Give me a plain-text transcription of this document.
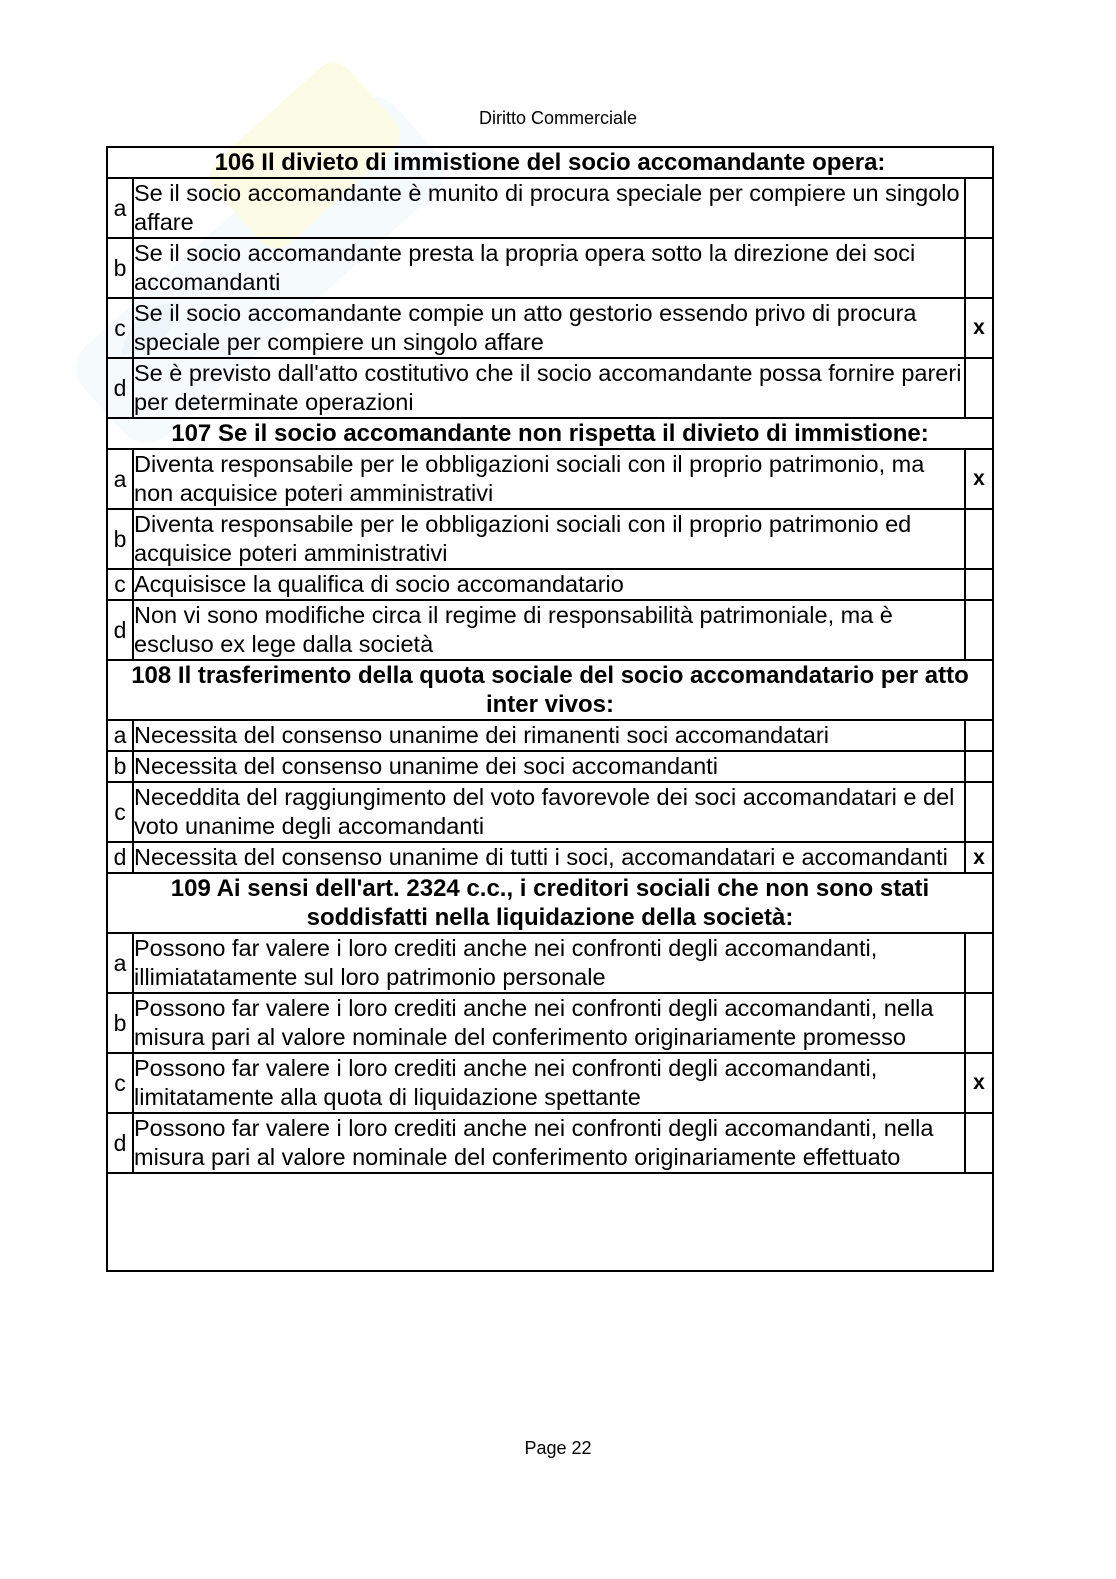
Diritto Commerciale
106 Il divieto di immistione del socio accomandante opera:		
a	Se il socio accomandante è munito di procura speciale per compiere un singolo affare	
b	Se il socio accomandante presta la propria opera sotto la direzione dei soci accomandanti	
c	Se il socio accomandante compie un atto gestorio essendo privo di procura speciale per compiere un singolo affare	x
d	Se è previsto dall'atto costitutivo che il socio accomandante possa fornire pareri per determinate operazioni	
107 Se il socio accomandante non rispetta il divieto di immistione:		
a	Diventa responsabile per le obbligazioni sociali con il proprio patrimonio, ma non acquisice poteri amministrativi	x
b	Diventa responsabile per le obbligazioni sociali con il proprio patrimonio ed acquisice poteri amministrativi	
c	Acquisisce la qualifica di socio accomandatario	
d	Non vi sono modifiche circa il regime di responsabilità patrimoniale, ma è escluso ex lege dalla società	
108 Il trasferimento della quota sociale del socio accomandatario per atto inter vivos:		
a	Necessita del consenso unanime dei rimanenti soci accomandatari	
b	Necessita del consenso unanime dei soci accomandanti	
c	Neceddita del raggiungimento del voto favorevole dei soci accomandatari e del voto unanime degli accomandanti	
d	Necessita del consenso unanime di tutti i soci, accomandatari e accomandanti	x
109 Ai sensi dell'art. 2324 c.c., i creditori sociali che non sono stati soddisfatti nella liquidazione della società:		
a	Possono far valere i loro crediti anche nei confronti degli accomandanti, illimiatatamente sul loro patrimonio personale	
b	Possono far valere i loro crediti anche nei confronti degli accomandanti, nella misura pari al valore nominale del conferimento originariamente promesso	
c	Possono far valere i loro crediti anche nei confronti degli accomandanti, limitatamente alla quota di liquidazione spettante	x
d	Possono far valere i loro crediti anche nei confronti degli accomandanti, nella misura pari al valore nominale del conferimento originariamente effettuato	

Page 22
